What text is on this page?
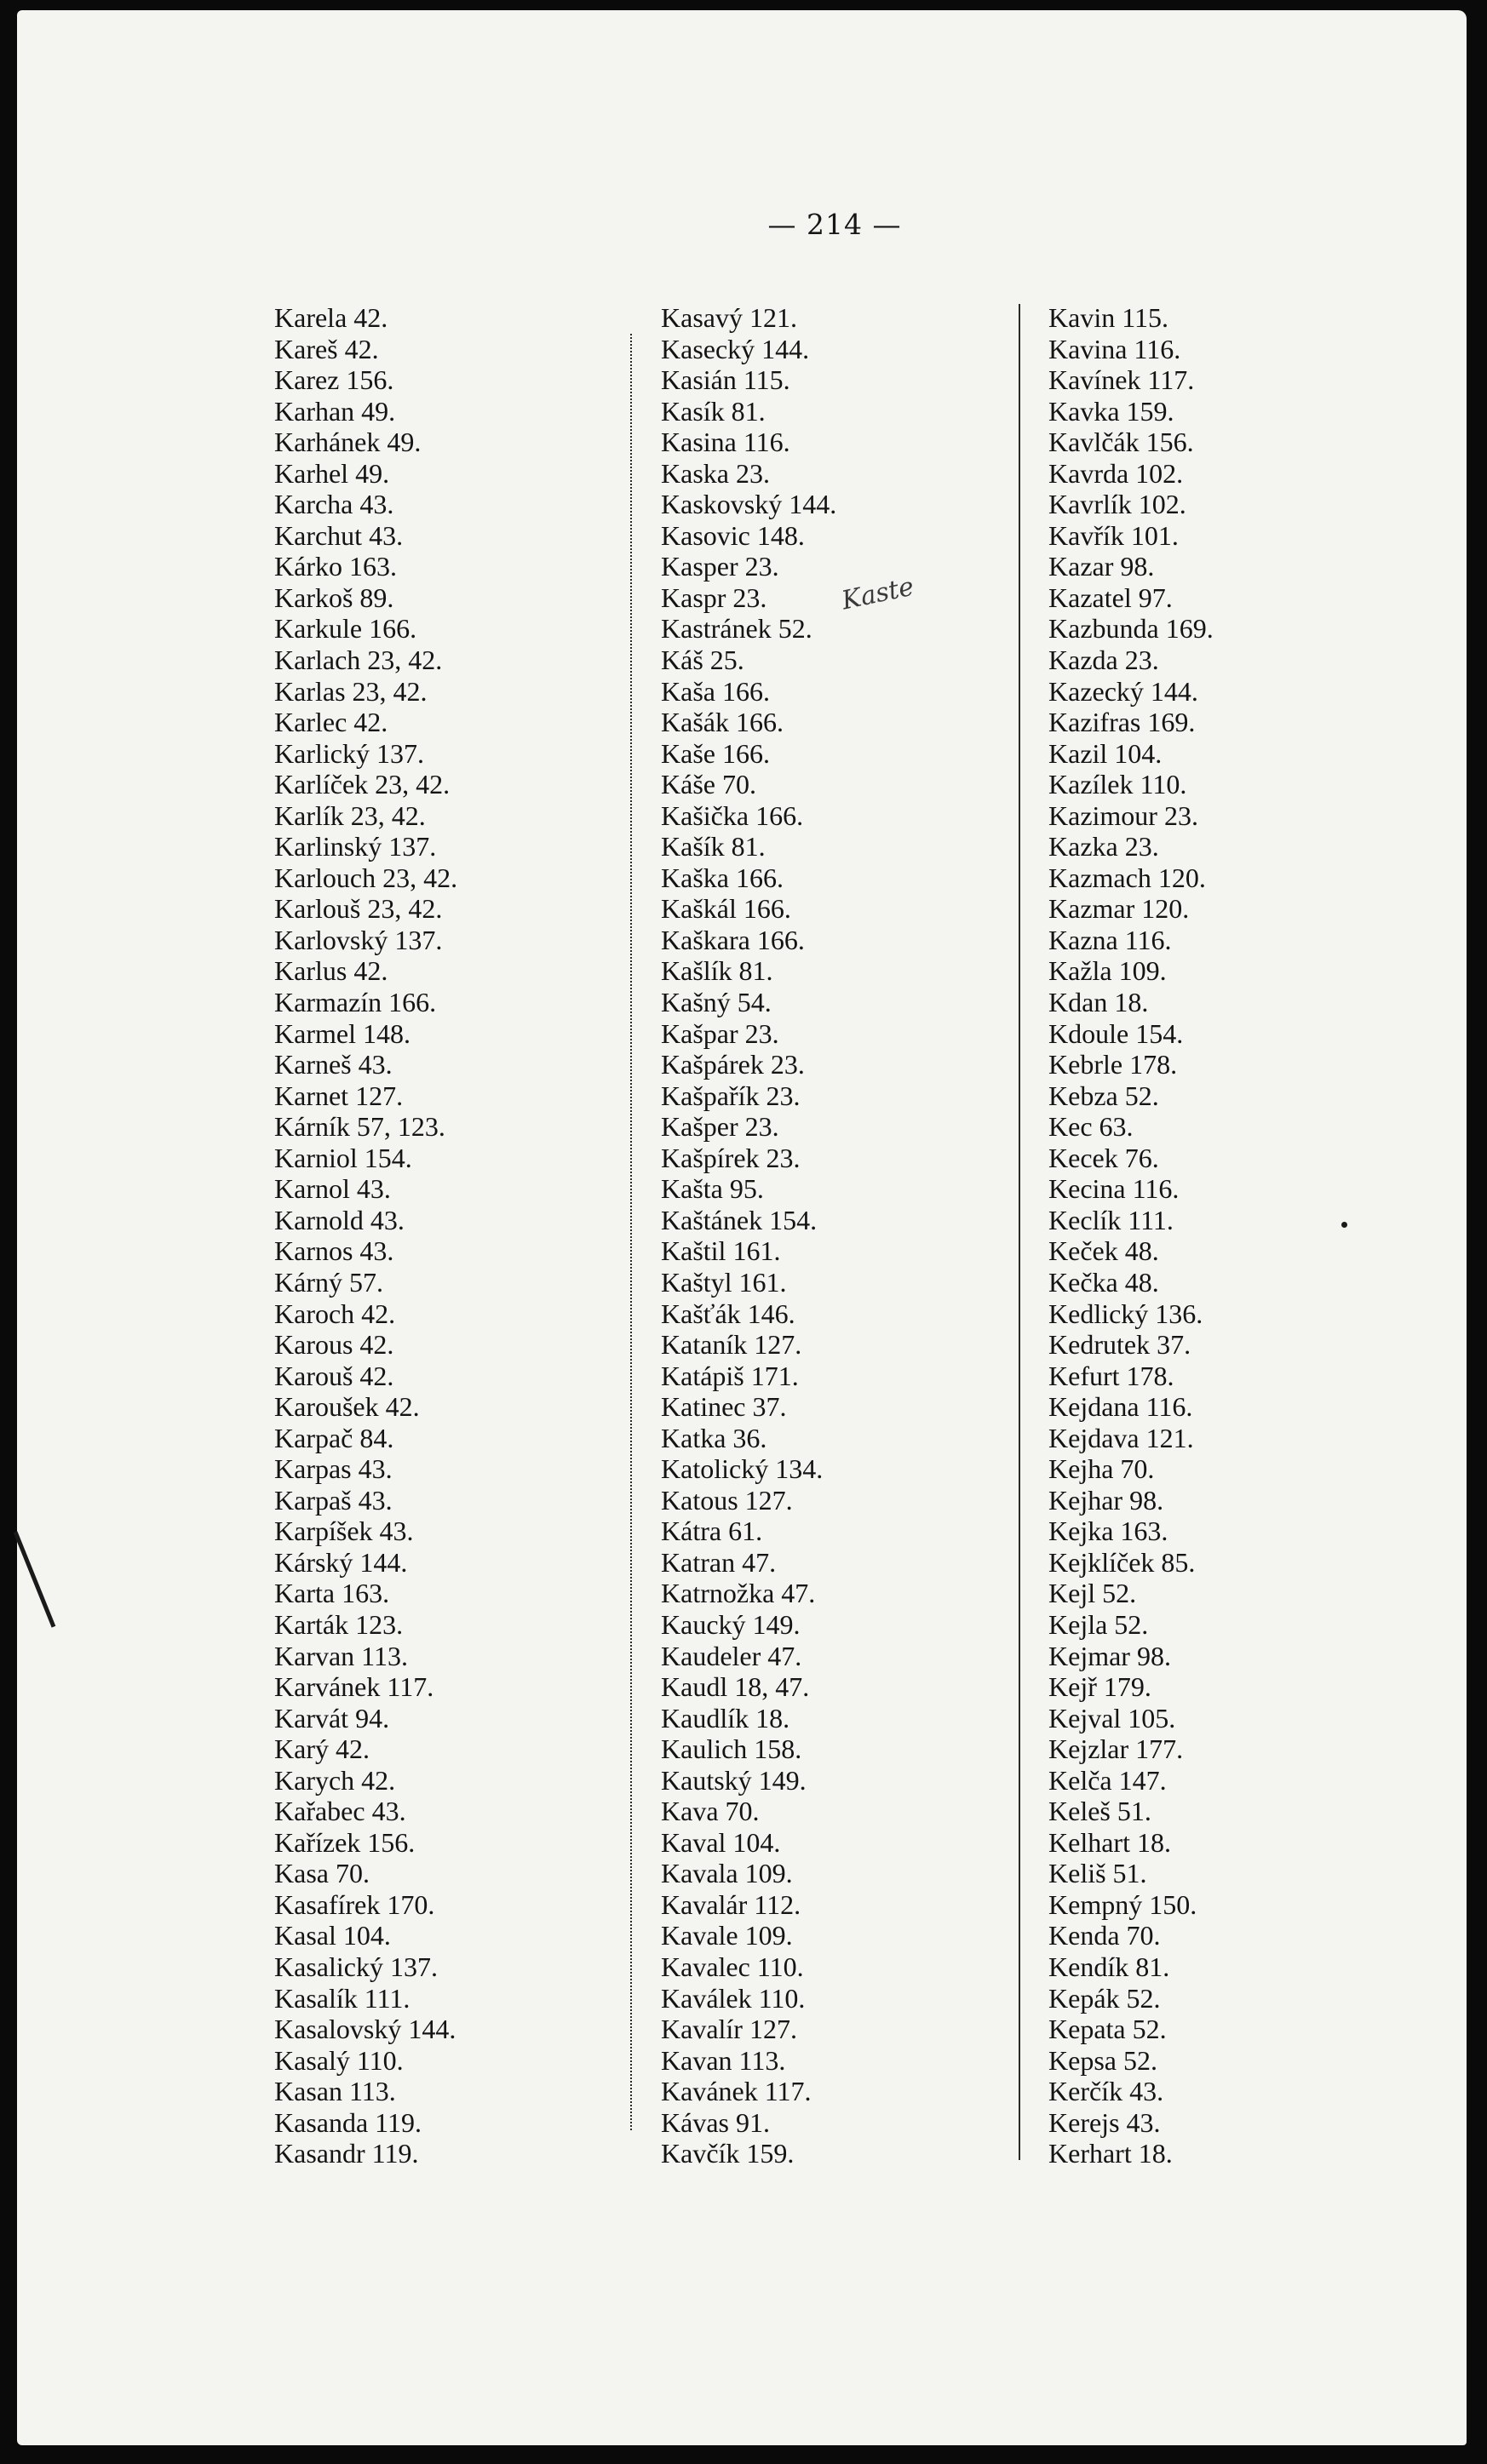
— 214 —
Karela 42.
Kareš 42.
Karez 156.
Karhan 49.
Karhánek 49.
Karhel 49.
Karcha 43.
Karchut 43.
Kárko 163.
Karkoš 89.
Karkule 166.
Karlach 23, 42.
Karlas 23, 42.
Karlec 42.
Karlický 137.
Karlíček 23, 42.
Karlík 23, 42.
Karlinský 137.
Karlouch 23, 42.
Karlouš 23, 42.
Karlovský 137.
Karlus 42.
Karmazín 166.
Karmel 148.
Karneš 43.
Karnet 127.
Kárník 57, 123.
Karniol 154.
Karnol 43.
Karnold 43.
Karnos 43.
Kárný 57.
Karoch 42.
Karous 42.
Karouš 42.
Karoušek 42.
Karpač 84.
Karpas 43.
Karpaš 43.
Karpíšek 43.
Kárský 144.
Karta 163.
Karták 123.
Karvan 113.
Karvánek 117.
Karvát 94.
Karý 42.
Karych 42.
Kařabec 43.
Kařízek 156.
Kasa 70.
Kasafírek 170.
Kasal 104.
Kasalický 137.
Kasalík 111.
Kasalovský 144.
Kasalý 110.
Kasan 113.
Kasanda 119.
Kasandr 119.
Kasavý 121.
Kasecký 144.
Kasián 115.
Kasík 81.
Kasina 116.
Kaska 23.
Kaskovský 144.
Kasovic 148.
Kasper 23.
Kaspr 23.
Kastránek 52.
Káš 25.
Kaša 166.
Kašák 166.
Kaše 166.
Káše 70.
Kašička 166.
Kašík 81.
Kaška 166.
Kaškál 166.
Kaškara 166.
Kašlík 81.
Kašný 54.
Kašpar 23.
Kašpárek 23.
Kašpařík 23.
Kašper 23.
Kašpírek 23.
Kašta 95.
Kaštánek 154.
Kaštil 161.
Kaštyl 161.
Kašťák 146.
Kataník 127.
Katápiš 171.
Katinec 37.
Katka 36.
Katolický 134.
Katous 127.
Kátra 61.
Katran 47.
Katrnožka 47.
Kaucký 149.
Kaudeler 47.
Kaudl 18, 47.
Kaudlík 18.
Kaulich 158.
Kautský 149.
Kava 70.
Kaval 104.
Kavala 109.
Kavalár 112.
Kavale 109.
Kavalec 110.
Kaválek 110.
Kavalír 127.
Kavan 113.
Kavánek 117.
Kávas 91.
Kavčík 159.
Kavin 115.
Kavina 116.
Kavínek 117.
Kavka 159.
Kavlčák 156.
Kavrda 102.
Kavrlík 102.
Kavřík 101.
Kazar 98.
Kazatel 97.
Kazbunda 169.
Kazda 23.
Kazecký 144.
Kazifras 169.
Kazil 104.
Kazílek 110.
Kazimour 23.
Kazka 23.
Kazmach 120.
Kazmar 120.
Kazna 116.
Kažla 109.
Kdan 18.
Kdoule 154.
Kebrle 178.
Kebza 52.
Kec 63.
Kecek 76.
Kecina 116.
Keclík 111.
Keček 48.
Kečka 48.
Kedlický 136.
Kedrutek 37.
Kefurt 178.
Kejdana 116.
Kejdava 121.
Kejha 70.
Kejhar 98.
Kejka 163.
Kejklíček 85.
Kejl 52.
Kejla 52.
Kejmar 98.
Kejř 179.
Kejval 105.
Kejzlar 177.
Kelča 147.
Keleš 51.
Kelhart 18.
Keliš 51.
Kempný 150.
Kenda 70.
Kendík 81.
Kepák 52.
Kepata 52.
Kepsa 52.
Kerčík 43.
Kerejs 43.
Kerhart 18.
Kaste
